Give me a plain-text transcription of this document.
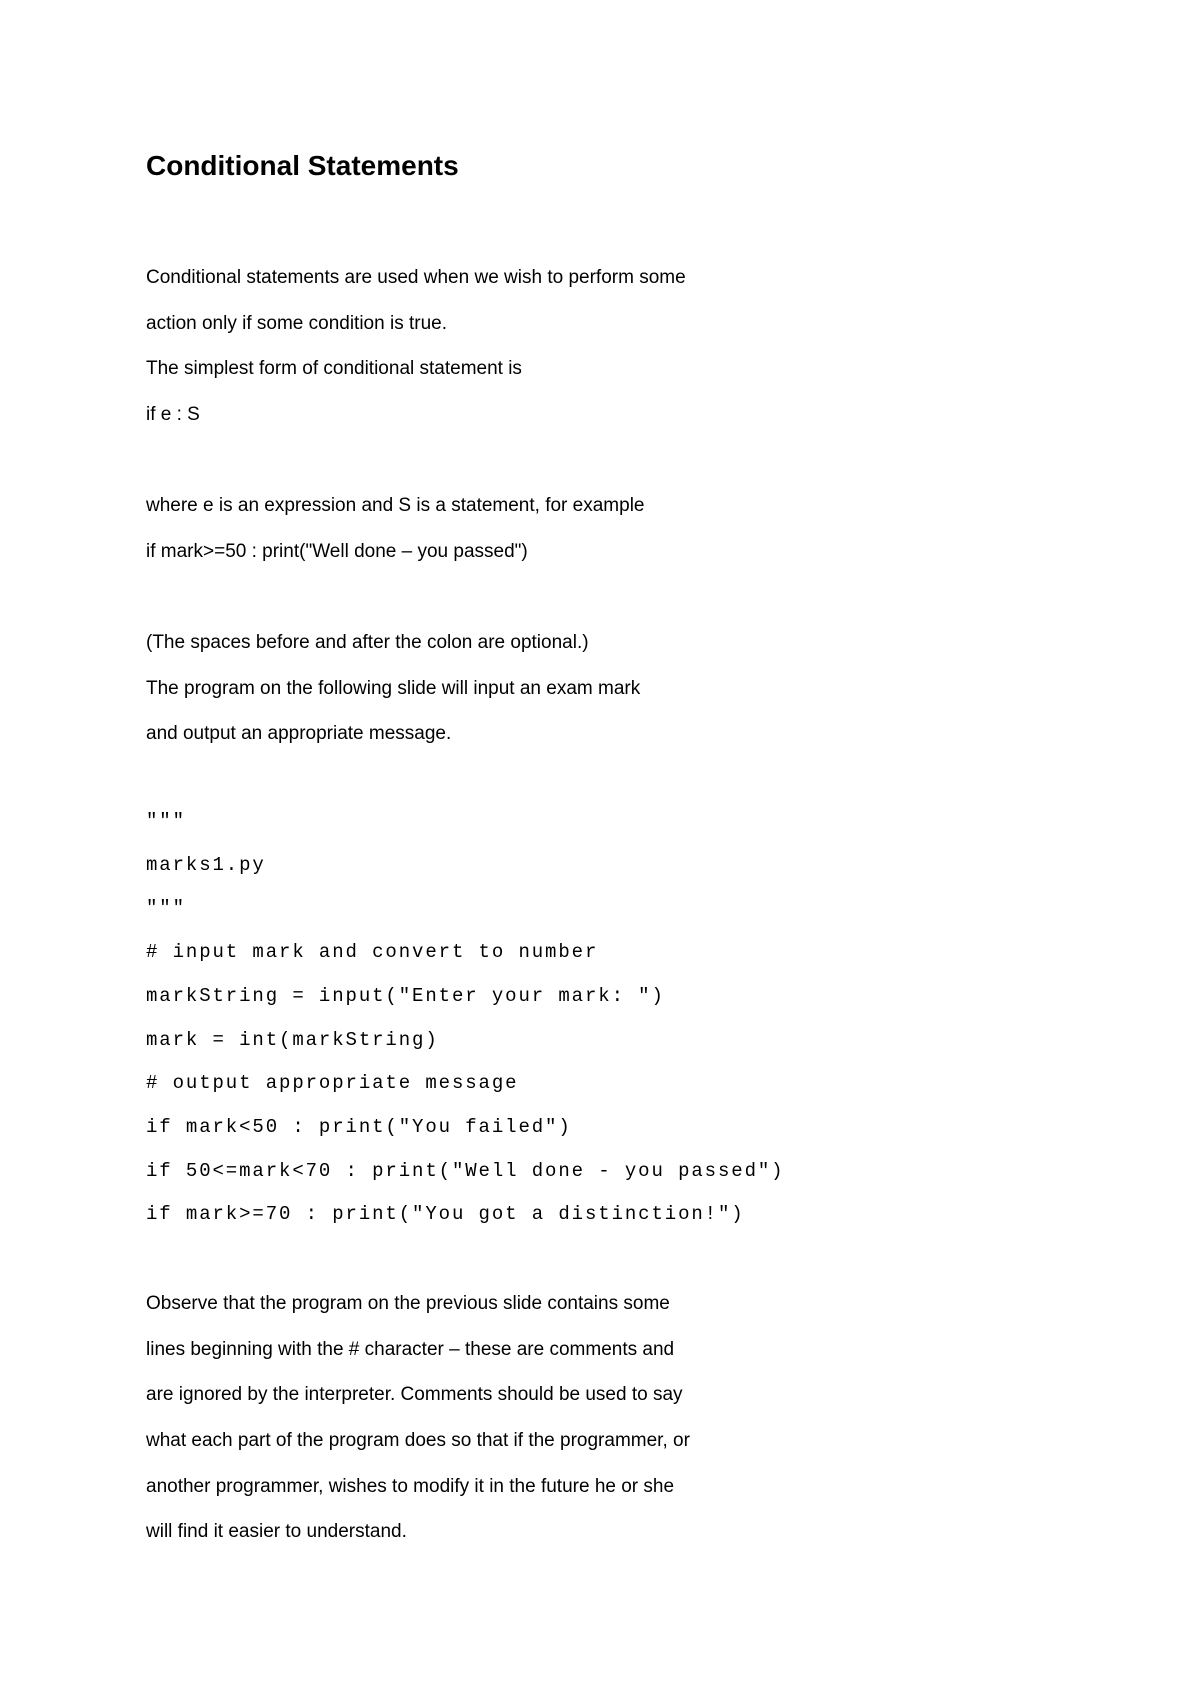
Conditional Statements
Conditional statements are used when we wish to perform some
action only if some condition is true.
The simplest form of conditional statement is
if e : S
where e is an expression and S is a statement, for example
if mark>=50 : print("Well done – you passed")
(The spaces before and after the colon are optional.)
The program on the following slide will input an exam mark
and output an appropriate message.
"""
marks1.py
"""
# input mark and convert to number
markString = input("Enter your mark: ")
mark = int(markString)
# output appropriate message
if mark<50 : print("You failed")
if 50<=mark<70 : print("Well done - you passed")
if mark>=70 : print("You got a distinction!")
Observe that the program on the previous slide contains some
lines beginning with the # character – these are comments and
are ignored by the interpreter. Comments should be used to say
what each part of the program does so that if the programmer, or
another programmer, wishes to modify it in the future he or she
will find it easier to understand.
